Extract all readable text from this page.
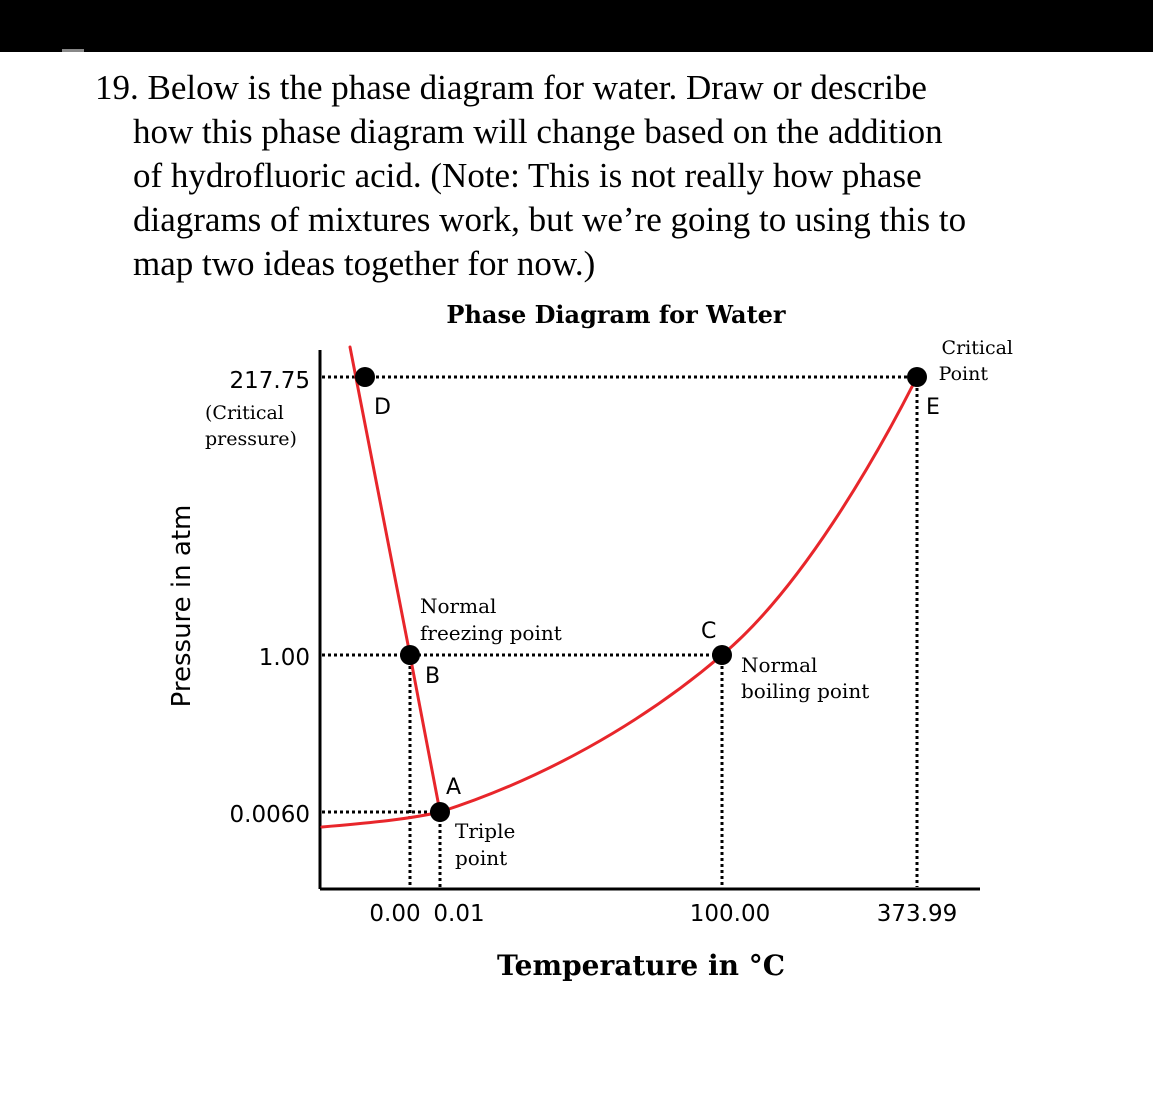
19. Below is the phase diagram for water. Draw or describe
how this phase diagram will change based on the addition
of hydrofluoric acid. (Note: This is not really how phase
diagrams of mixtures work, but we’re going to using this to
map two ideas together for now.)
Phase Diagram for Water
217.75
(Critical
pressure)
1.00
0.0060
Pressure in atm
0.00 0.01	100.00	373.99
Temperature in °C
D	E
B
C
A
Normal
freezing point
Normal
boiling point
Triple
point
Critical
Point
